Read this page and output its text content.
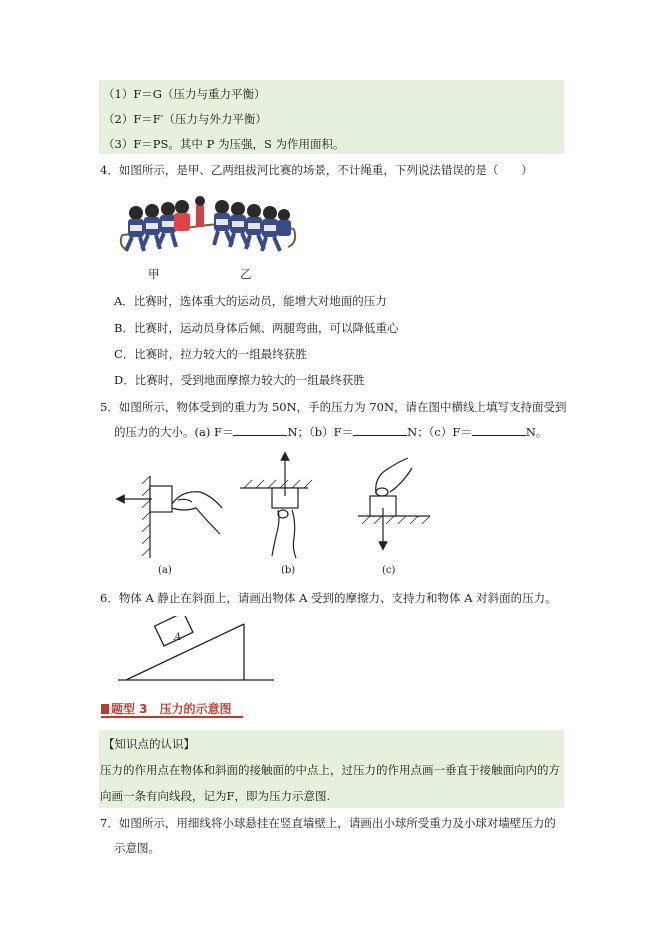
（1）F＝G（压力与重力平衡）
（2）F＝F′（压力与外力平衡）
（3）F＝PS。其中 P 为压强，S 为作用面积。
4．如图所示，是甲、乙两组拔河比赛的场景，不计绳重，下列说法错误的是（　　）
甲	乙
A．比赛时，选体重大的运动员，能增大对地面的压力
B．比赛时，运动员身体后倾、两腿弯曲，可以降低重心
C．比赛时，拉力较大的一组最终获胜
D．比赛时，受到地面摩擦力较大的一组最终获胜
5．如图所示，物体受到的重力为 50N，手的压力为 70N，请在图中横线上填写支持面受到
的压力的大小。(a) F＝	N；（b）F＝	N；（c）F＝	N。
(a)	(b)	(c)
6．物体 A 静止在斜面上，请画出物体 A 受到的摩擦力、支持力和物体 A 对斜面的压力。
A
题型 3　压力的示意图
【知识点的认识】
压力的作用点在物体和斜面的接触面的中点上，过压力的作用点画一垂直于接触面向内的方
向画一条有向线段，记为F，即为压力示意图.
7．如图所示，用细线将小球悬挂在竖直墙壁上，请画出小球所受重力及小球对墙壁压力的
示意图。
